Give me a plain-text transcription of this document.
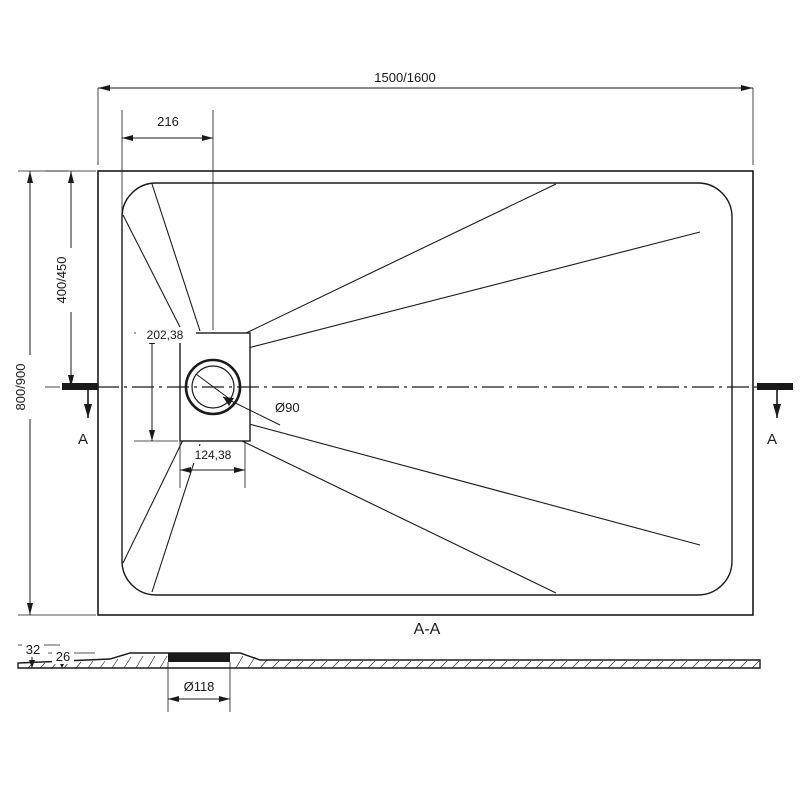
A	A
1500/1600
216
400/450
800/900
202,38
124,38
Ø90
A-A
32 26
Ø118
